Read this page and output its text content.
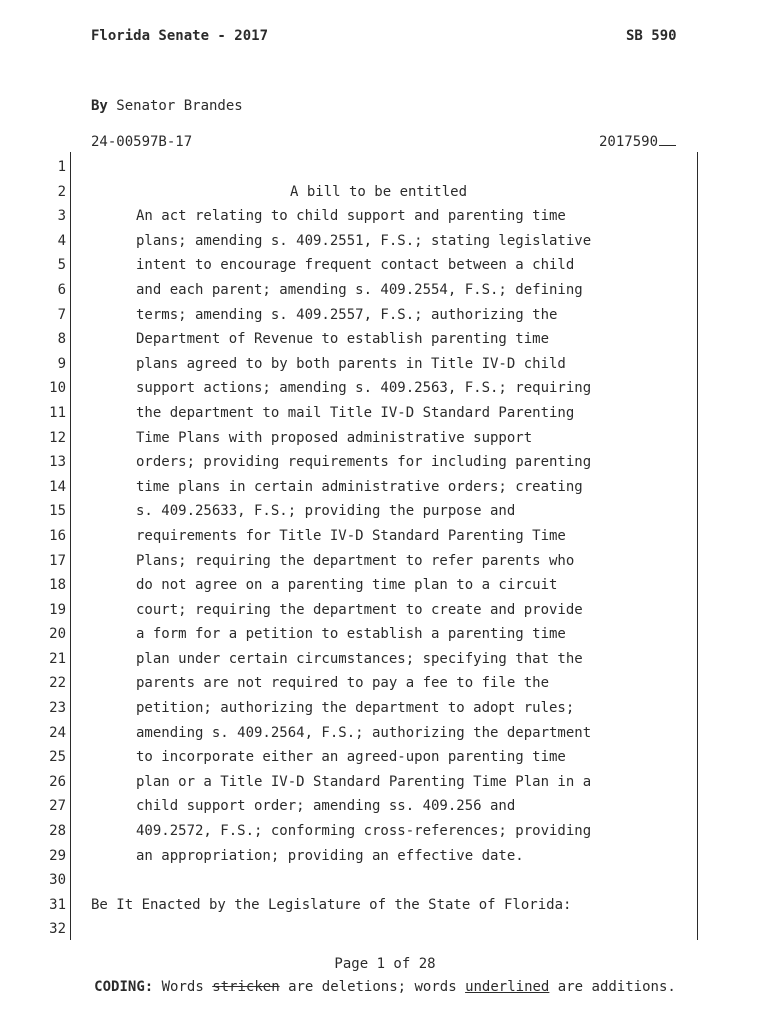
Florida Senate - 2017	SB 590
By Senator Brandes
24-00597B-17	2017590
1
2	A bill to be entitled
3	An act relating to child support and parenting time
4	plans; amending s. 409.2551, F.S.; stating legislative
5	intent to encourage frequent contact between a child
6	and each parent; amending s. 409.2554, F.S.; defining
7	terms; amending s. 409.2557, F.S.; authorizing the
8	Department of Revenue to establish parenting time
9	plans agreed to by both parents in Title IV-D child
10	support actions; amending s. 409.2563, F.S.; requiring
11	the department to mail Title IV-D Standard Parenting
12	Time Plans with proposed administrative support
13	orders; providing requirements for including parenting
14	time plans in certain administrative orders; creating
15	s. 409.25633, F.S.; providing the purpose and
16	requirements for Title IV-D Standard Parenting Time
17	Plans; requiring the department to refer parents who
18	do not agree on a parenting time plan to a circuit
19	court; requiring the department to create and provide
20	a form for a petition to establish a parenting time
21	plan under certain circumstances; specifying that the
22	parents are not required to pay a fee to file the
23	petition; authorizing the department to adopt rules;
24	amending s. 409.2564, F.S.; authorizing the department
25	to incorporate either an agreed-upon parenting time
26	plan or a Title IV-D Standard Parenting Time Plan in a
27	child support order; amending ss. 409.256 and
28	409.2572, F.S.; conforming cross-references; providing
29	an appropriation; providing an effective date.
30
31 Be It Enacted by the Legislature of the State of Florida:
32
Page 1 of 28
CODING: Words stricken are deletions; words underlined are additions.
